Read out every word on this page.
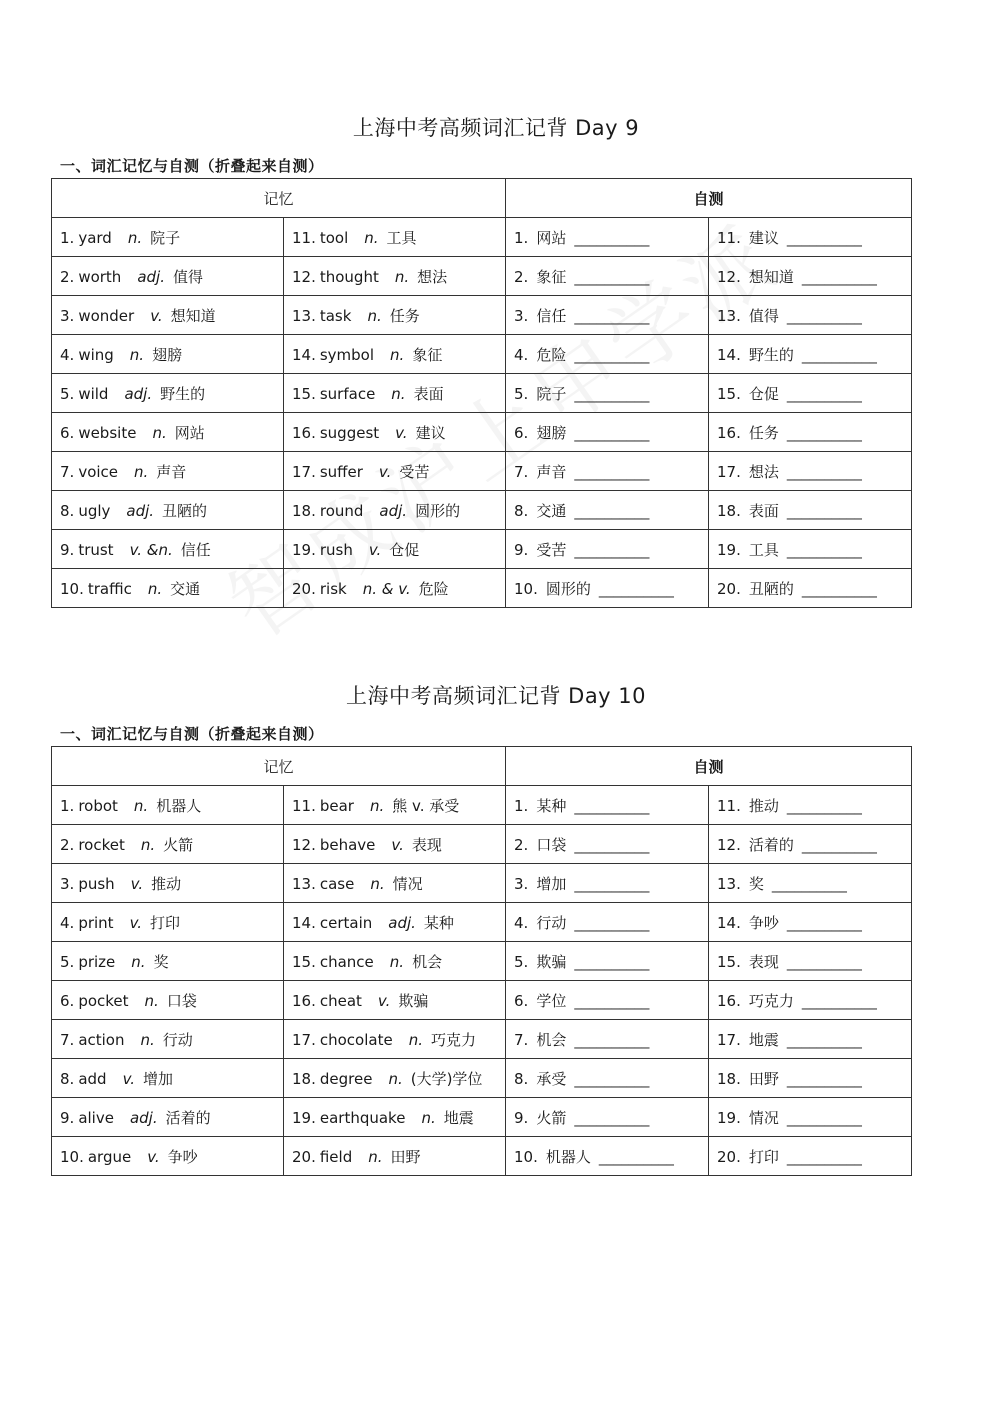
上海中考高频词汇记背 Day 9
一、词汇记忆与自测（折叠起来自测）
记忆		自测	
1. yard n. 院子	11. tool n. 工具	1. 网站 __________	11. 建议 __________
2. worth adj. 值得	12. thought n. 想法	2. 象征 __________	12. 想知道 __________
3. wonder v. 想知道	13. task n. 任务	3. 信任 __________	13. 值得 __________
4. wing n. 翅膀	14. symbol n. 象征	4. 危险 __________	14. 野生的 __________
5. wild adj. 野生的	15. surface n. 表面	5. 院子 __________	15. 仓促 __________
6. website n. 网站	16. suggest v. 建议	6. 翅膀 __________	16. 任务 __________
7. voice n. 声音	17. suffer v. 受苦	7. 声音 __________	17. 想法 __________
8. ugly adj. 丑陋的	18. round adj. 圆形的	8. 交通 __________	18. 表面 __________
9. trust v. &n. 信任	19. rush v. 仓促	9. 受苦 __________	19. 工具 __________
10. traffic n. 交通	20. risk n. & v. 危险	10. 圆形的 __________	20. 丑陋的 __________
上海中考高频词汇记背 Day 10
一、词汇记忆与自测（折叠起来自测）
记忆		自测	
1. robot n. 机器人	11. bear n. 熊 v. 承受	1. 某种 __________	11. 推动 __________
2. rocket n. 火箭	12. behave v. 表现	2. 口袋 __________	12. 活着的 __________
3. push v. 推动	13. case n. 情况	3. 增加 __________	13. 奖 __________
4. print v. 打印	14. certain adj. 某种	4. 行动 __________	14. 争吵 __________
5. prize n. 奖	15. chance n. 机会	5. 欺骗 __________	15. 表现 __________
6. pocket n. 口袋	16. cheat v. 欺骗	6. 学位 __________	16. 巧克力 __________
7. action n. 行动	17. chocolate n. 巧克力	7. 机会 __________	17. 地震 __________
8. add v. 增加	18. degree n. (大学)学位	8. 承受 __________	18. 田野 __________
9. alive adj. 活着的	19. earthquake n. 地震	9. 火箭 __________	19. 情况 __________
10. argue v. 争吵	20. field n. 田野	10. 机器人 __________	20. 打印 __________
